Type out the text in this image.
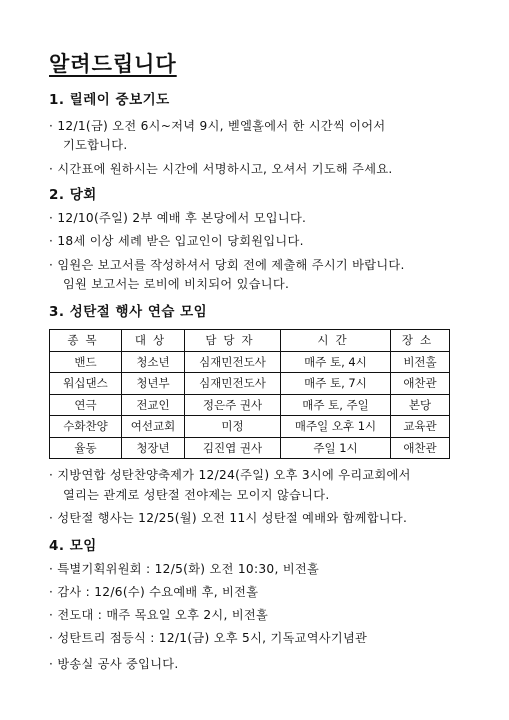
알려드립니다
1. 릴레이 중보기도

· 12/1(금) 오전 6시~저녁 9시, 벧엘홀에서 한 시간씩 이어서

기도합니다.

· 시간표에 원하시는 시간에 서명하시고, 오셔서 기도해 주세요.

2. 당회

· 12/10(주일) 2부 예배 후 본당에서 모입니다.

· 18세 이상 세례 받은 입교인이 당회원입니다.

· 임원은 보고서를 작성하셔서 당회 전에 제출해 주시기 바랍니다.

임원 보고서는 로비에 비치되어 있습니다.

3. 성탄절 행사 연습 모임
종목	대상	담당자	시간	장소
밴드	청소년	심재민전도사	매주 토, 4시	비전홀
워십댄스	청년부	심재민전도사	매주 토, 7시	애찬관
연극	전교인	정은주 권사	매주 토, 주일	본당
수화찬양	여선교회	미정	매주일 오후 1시	교육관
율동	청장년	김진엽 권사	주일 1시	애찬관

· 지방연합 성탄찬양축제가 12/24(주일) 오후 3시에 우리교회에서

열리는 관계로 성탄절 전야제는 모이지 않습니다.

· 성탄절 행사는 12/25(월) 오전 11시 성탄절 예배와 함께합니다.

4. 모임

· 특별기획위원회 : 12/5(화) 오전 10:30, 비전홀

· 감사 : 12/6(수) 수요예배 후, 비전홀

· 전도대 : 매주 목요일 오후 2시, 비전홀

· 성탄트리 점등식 : 12/1(금) 오후 5시, 기독교역사기념관

· 방송실 공사 중입니다.
